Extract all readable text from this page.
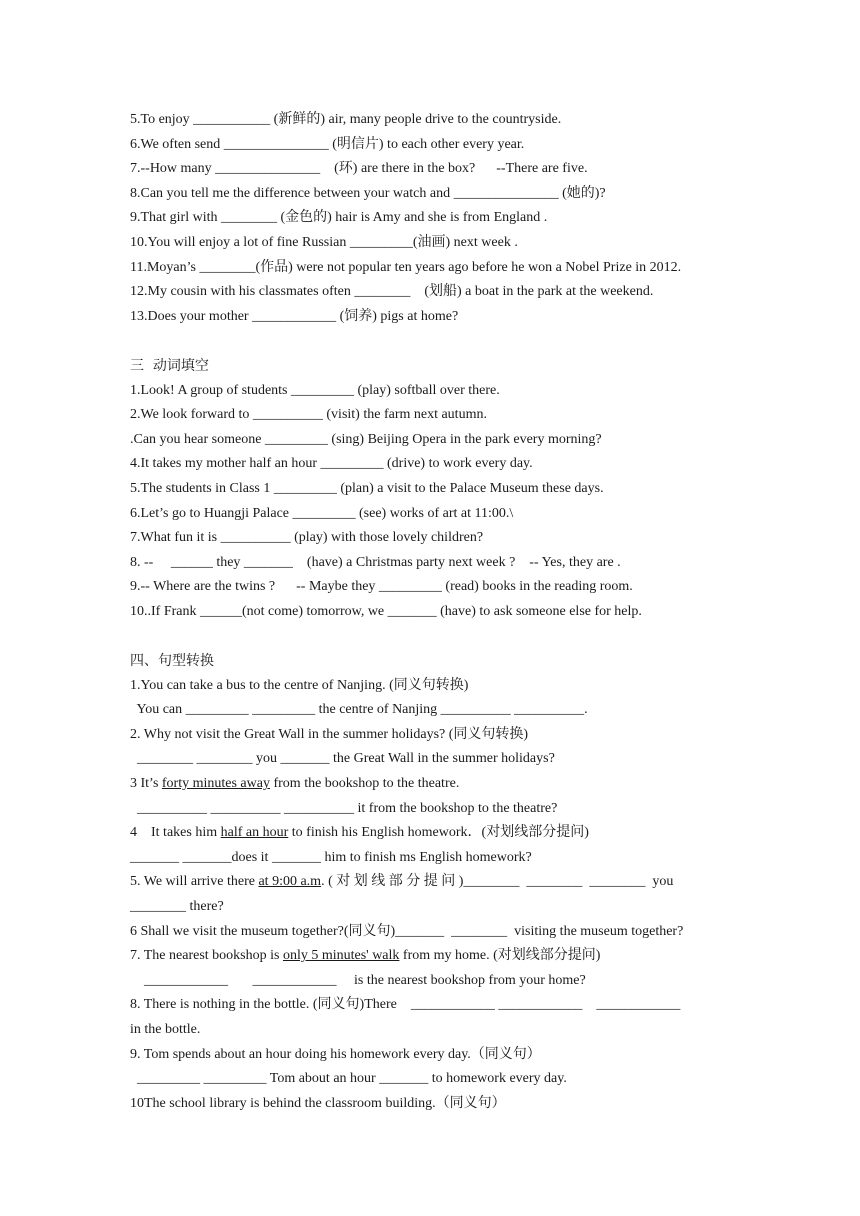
5.To enjoy ___________ (新鲜的) air, many people drive to the countryside.
6.We often send _______________ (明信片) to each other every year.
7.--How many _______________    (环) are there in the box?      --There are five.
8.Can you tell me the difference between your watch and _______________ (她的)?
9.That girl with ________ (金色的) hair is Amy and she is from England .
10.You will enjoy a lot of fine Russian _________(油画) next week .
11.Moyan’s ________(作品) were not popular ten years ago before he won a Nobel Prize in 2012.
12.My cousin with his classmates often ________    (划船) a boat in the park at the weekend.
13.Does your mother ____________ (饲养) pigs at home?
三  动词填空
1.Look! A group of students _________ (play) softball over there.
2.We look forward to __________ (visit) the farm next autumn.
.Can you hear someone _________ (sing) Beijing Opera in the park every morning?
4.It takes my mother half an hour _________ (drive) to work every day.
5.The students in Class 1 _________ (plan) a visit to the Palace Museum these days.
6.Let’s go to Huangji Palace _________ (see) works of art at 11:00.\
7.What fun it is __________ (play) with those lovely children?
8. --     ______ they _______    (have) a Christmas party next week ?    -- Yes, they are .
9.-- Where are the twins ?      -- Maybe they _________ (read) books in the reading room.
10..If Frank ______(not come) tomorrow, we _______ (have) to ask someone else for help.
四、句型转换
1.You can take a bus to the centre of Nanjing. (同义句转换)
You can _________ _________ the centre of Nanjing __________ __________.
2. Why not visit the Great Wall in the summer holidays? (同义句转换)
________ ________ you _______ the Great Wall in the summer holidays?
3 It’s forty minutes away from the bookshop to the theatre.
__________ __________ __________ it from the bookshop to the theatre?
4    It takes him half an hour to finish his English homework．(对划线部分提问)
_______ _______does it _______ him to finish ms English homework?
5. We will arrive there at 9:00 a.m. ( 对 划 线 部 分 提 问 )________  ________  ________  you
________ there?
6 Shall we visit the museum together?(同义句)_______  ________  visiting the museum together?
7. The nearest bookshop is only 5 minutes' walk from my home. (对划线部分提问)
____________       ____________     is the nearest bookshop from your home?
8. There is nothing in the bottle. (同义句)There    ____________ ____________    ____________
in the bottle.
9. Tom spends about an hour doing his homework every day.（同义句）
_________ _________ Tom about an hour _______ to homework every day.
10The school library is behind the classroom building.（同义句）
